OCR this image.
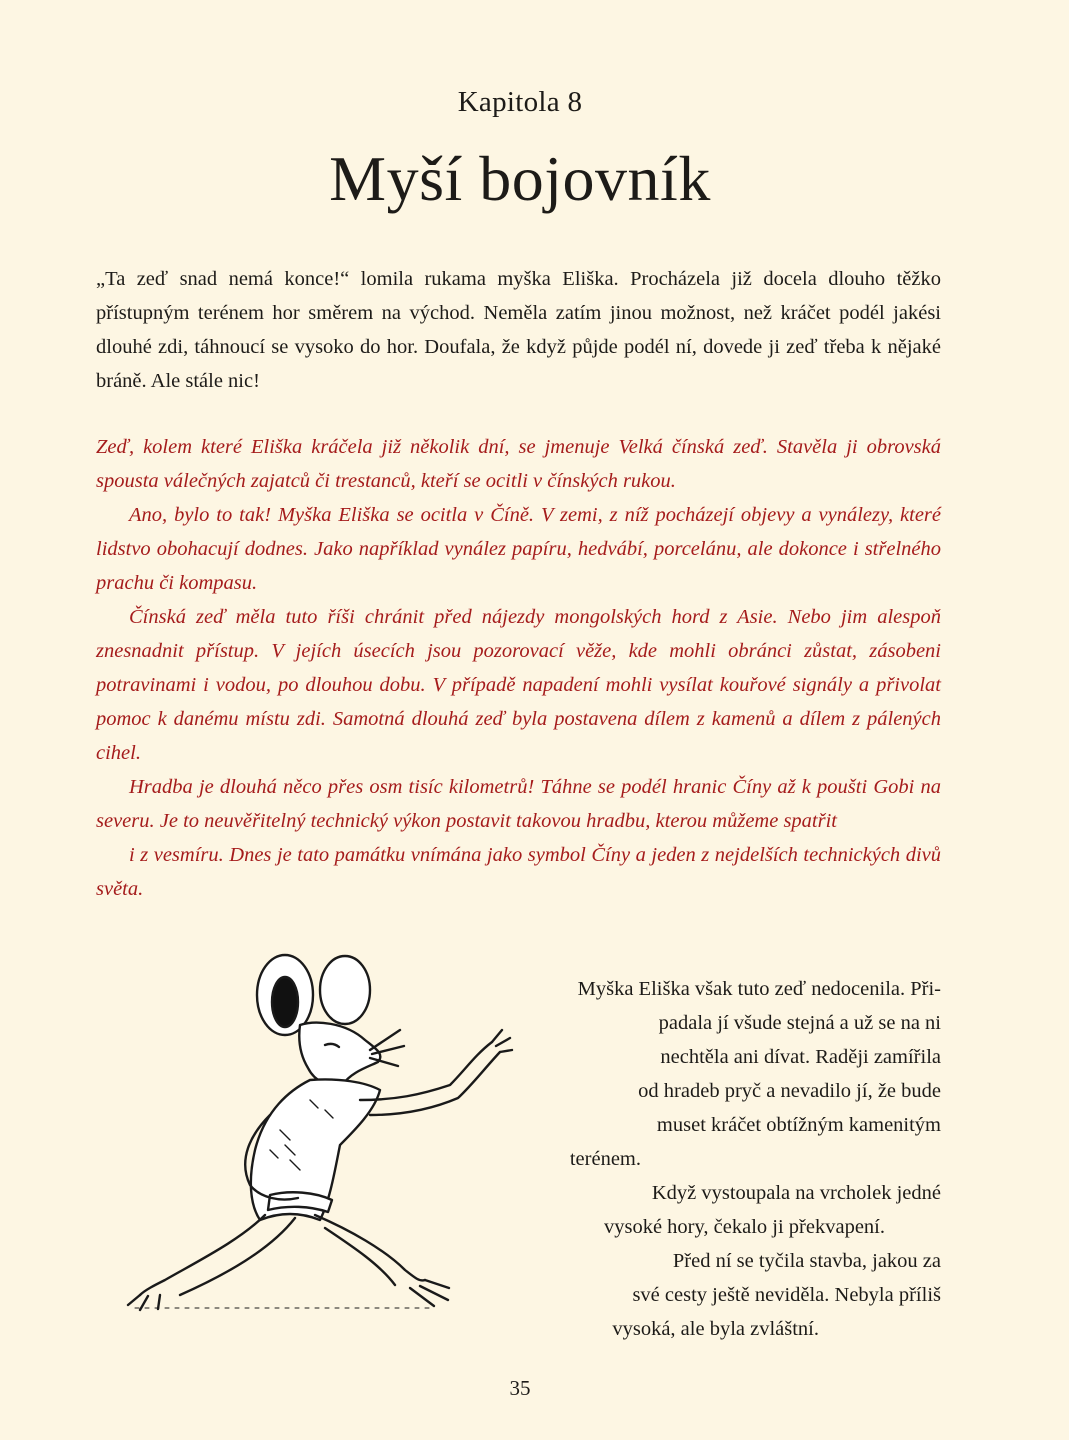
Kapitola 8
Myší bojovník

„Ta zeď snad nemá konce!“ lomila rukama myška Eliška. Procházela již docela dlouho těžko přístupným terénem hor směrem na východ. Neměla zatím jinou možnost, než kráčet podél jakési dlouhé zdi, táhnoucí se vysoko do hor. Doufala, že když půjde podél ní, dovede ji zeď třeba k nějaké bráně. Ale stále nic!

Zeď, kolem které Eliška kráčela již několik dní, se jmenuje Velká čínská zeď. Stavěla ji obrovská spousta válečných zajatců či trestanců, kteří se ocitli v čínských rukou.

Ano, bylo to tak! Myška Eliška se ocitla v Číně. V zemi, z níž pocházejí objevy a vynálezy, které lidstvo obohacují dodnes. Jako například vynález papíru, hedvábí, porcelánu, ale dokonce i střelného prachu či kompasu.

Čínská zeď měla tuto říši chránit před nájezdy mongolských hord z Asie. Nebo jim alespoň znesnadnit přístup. V jejích úsecích jsou pozorovací věže, kde mohli obránci zůstat, zásobeni potravinami i vodou, po dlouhou dobu. V případě napadení mohli vysílat kouřové signály a přivolat pomoc k danému místu zdi. Samotná dlouhá zeď byla postavena dílem z kamenů a dílem z pálených cihel.

Hradba je dlouhá něco přes osm tisíc kilometrů! Táhne se podél hranic Číny až k poušti Gobi na severu. Je to neuvěřitelný technický výkon postavit takovou hradbu, kterou můžeme spatřit

i z vesmíru. Dnes je tato památku vnímána jako symbol Číny a jeden z nejdelších technických divů světa.

Myška Eliška však tuto zeď nedocenila. Při-
padala jí všude stejná a už se na ni
nechtěla ani dívat. Raději zamířila
od hradeb pryč a nevadilo jí, že bude
muset kráčet obtížným kamenitým
terénem.
Když vystoupala na vrcholek jedné
vysoké hory, čekalo ji překvapení.
Před ní se tyčila stavba, jakou za
své cesty ještě neviděla. Nebyla příliš
vysoká, ale byla zvláštní.
35
